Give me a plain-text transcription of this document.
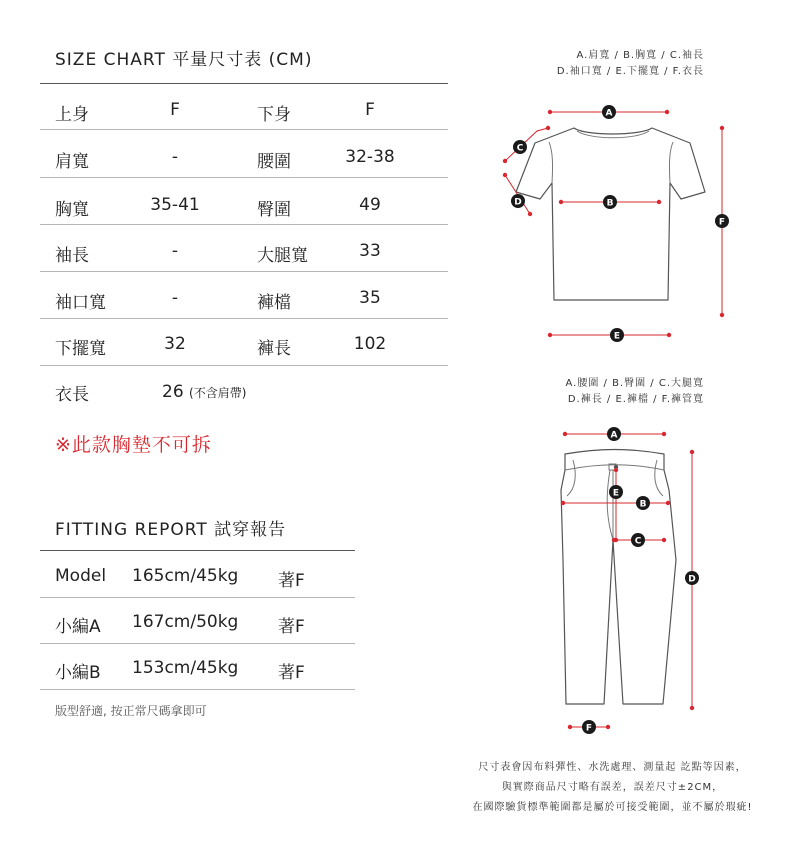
SIZE CHART 平量尺寸表 (CM)
上身	F	下身	F
肩寬	-	腰圍	32-38
胸寬	35-41	臀圍	49
袖長	-	大腿寬	33
袖口寬	-	褲檔	35
下擺寬	32	褲長	102
衣長	26 (不含肩帶)
※此款胸墊不可拆
FITTING REPORT 試穿報告
Model 165cm/45kg 著F
小編A 167cm/50kg 著F
小編B 153cm/45kg 著F
版型舒適, 按正常尺碼拿即可
A.肩寬 / B.胸寬 / C.袖長
D.袖口寬 / E.下擺寬 / F.衣長
A.腰圍 / B.臀圍 / C.大腿寬
D.褲長 / E.褲檔 / F.褲管寬
A
B
C
D
E
F
A
B
C
D
E
F
尺寸表會因布料彈性、水洗處理、測量起 訖點等因素，
與實際商品尺寸略有誤差，誤差尺寸±2CM，
在國際驗貨標準範圍都是屬於可接受範圍，並不屬於瑕疵!
